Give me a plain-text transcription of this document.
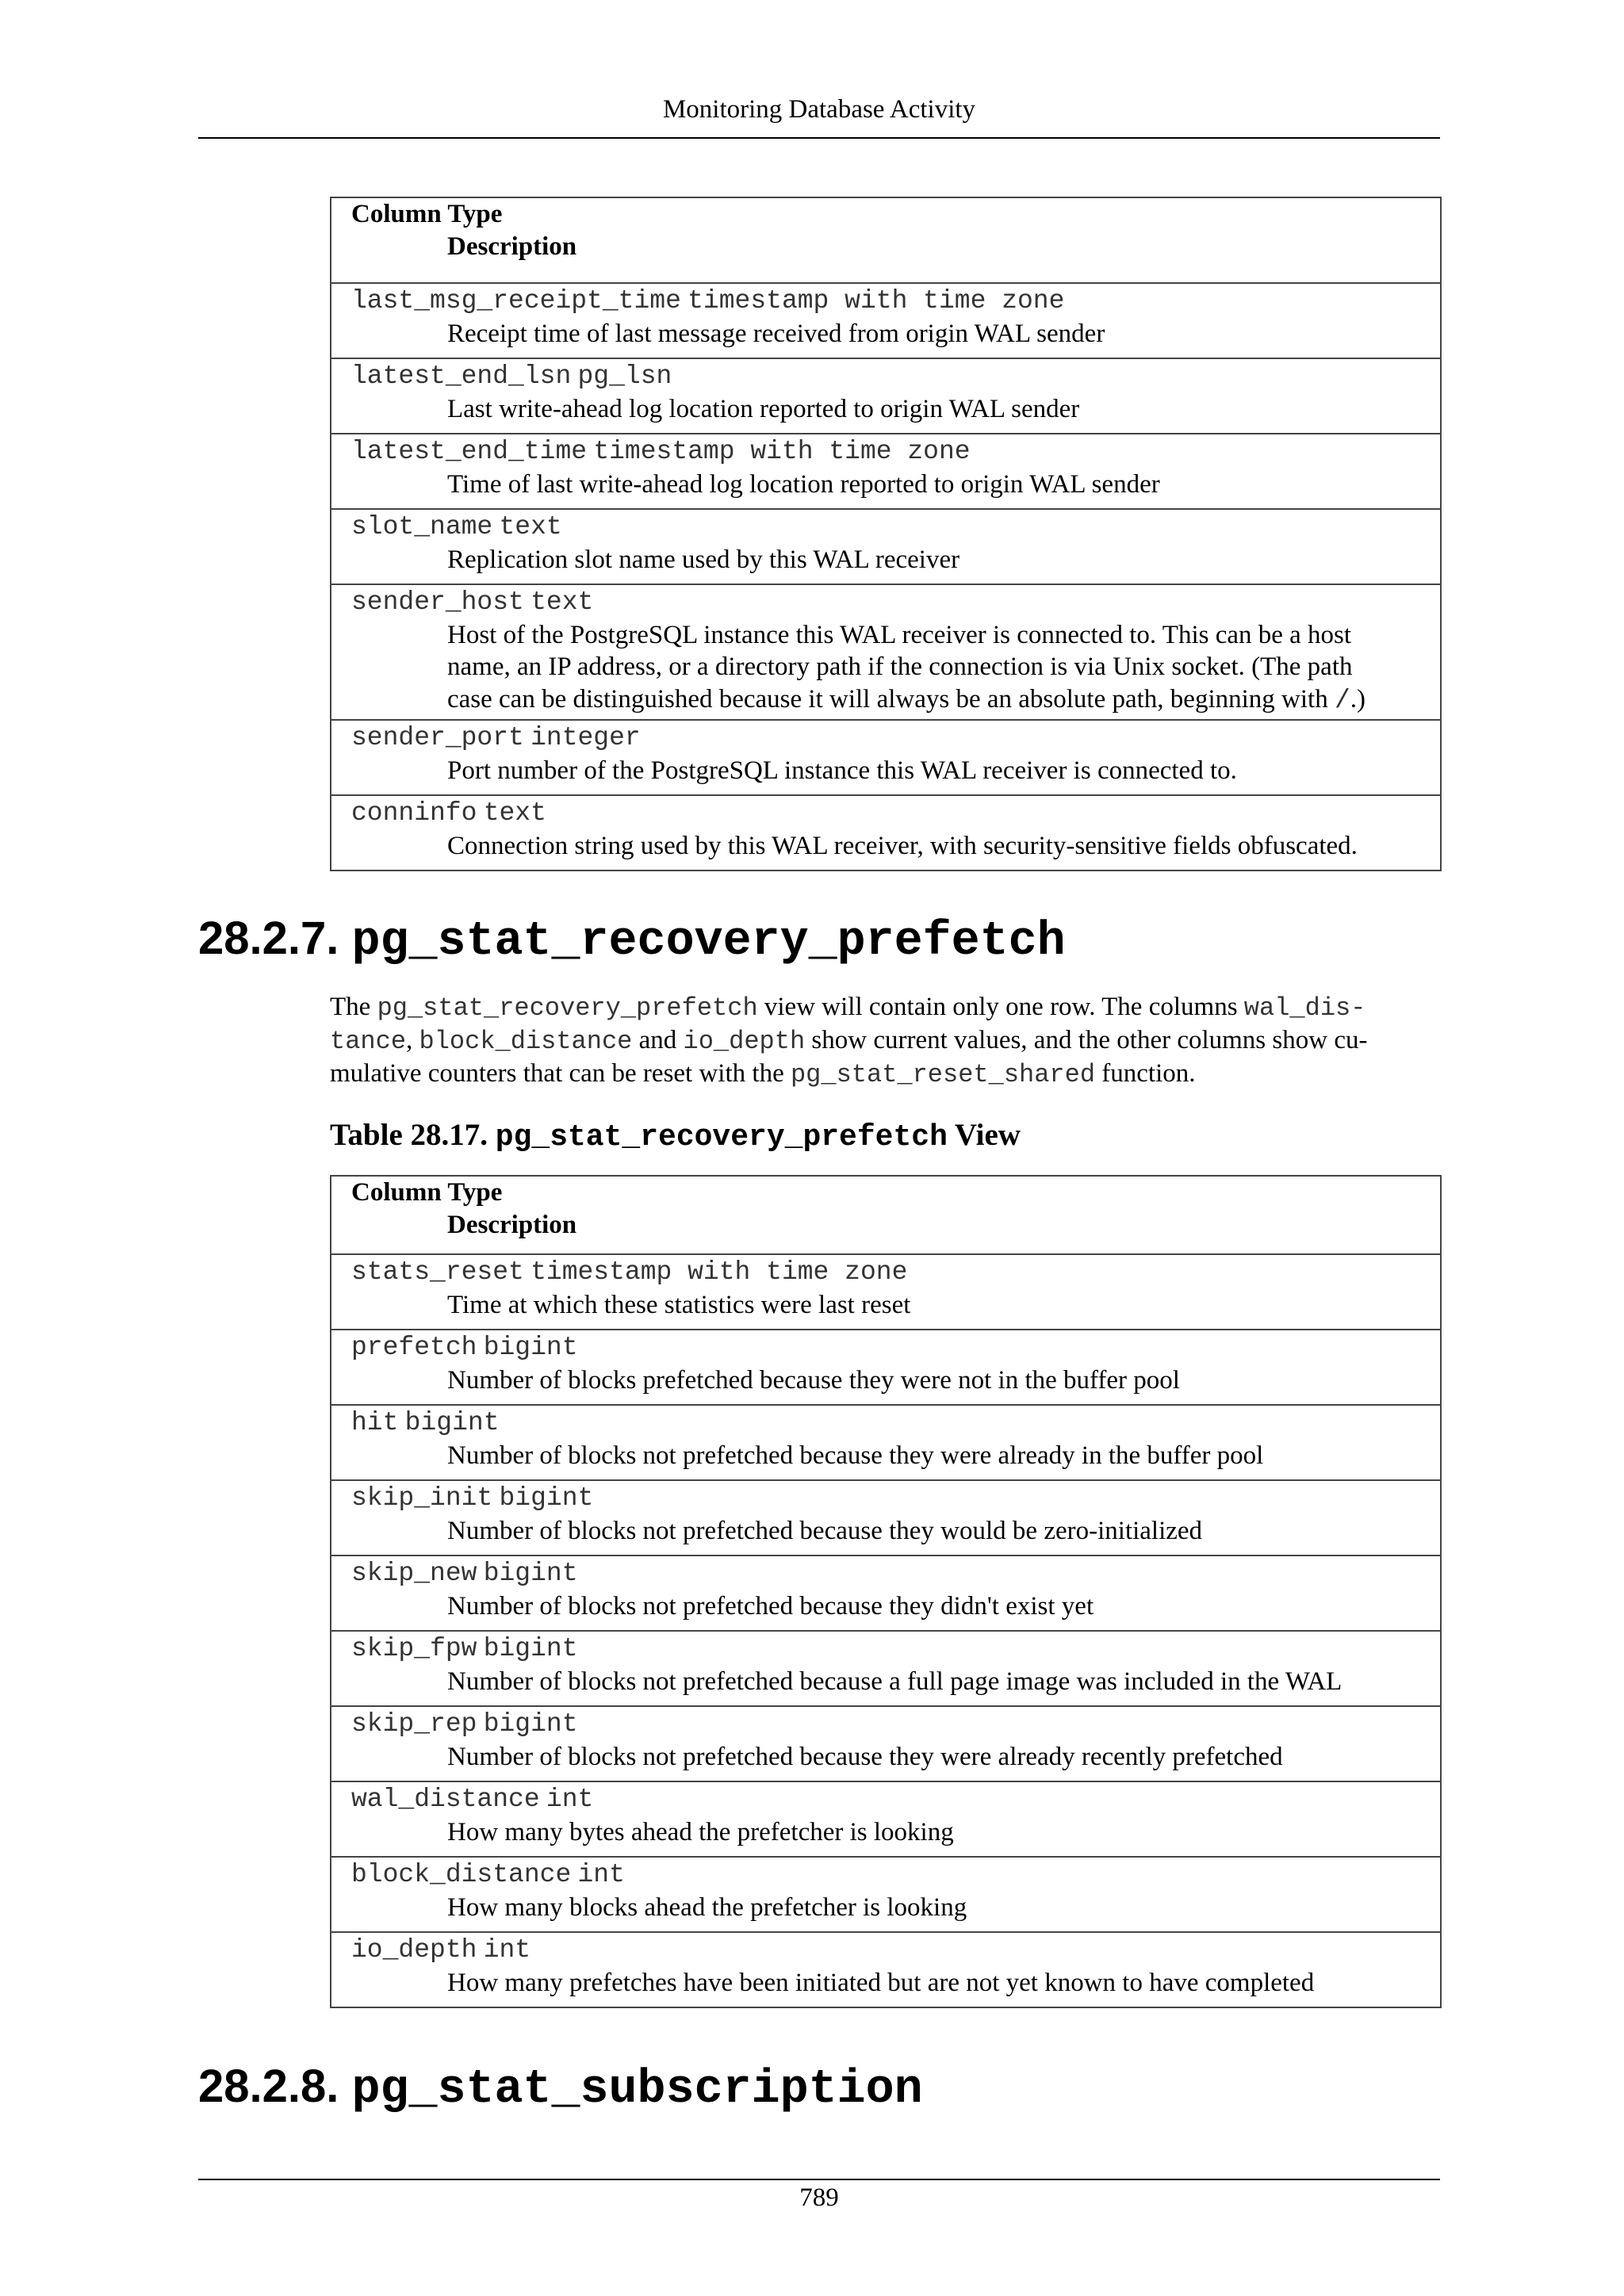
Monitoring Database Activity
Column Type
Description

last_msg_receipt_time timestamp with time zone
Receipt time of last message received from origin WAL sender

latest_end_lsn pg_lsn
Last write-ahead log location reported to origin WAL sender

latest_end_time timestamp with time zone
Time of last write-ahead log location reported to origin WAL sender

slot_name text
Replication slot name used by this WAL receiver

sender_host text
Host of the PostgreSQL instance this WAL receiver is connected to. This can be a host
name, an IP address, or a directory path if the connection is via Unix socket. (The path
case can be distinguished because it will always be an absolute path, beginning with /.)

sender_port integer
Port number of the PostgreSQL instance this WAL receiver is connected to.

conninfo text
Connection string used by this WAL receiver, with security-sensitive fields obfuscated.
28.2.7. pg_stat_recovery_prefetch
The pg_stat_recovery_prefetch view will contain only one row. The columns wal_dis-
tance, block_distance and io_depth show current values, and the other columns show cu-
mulative counters that can be reset with the pg_stat_reset_shared function.
Table 28.17. pg_stat_recovery_prefetch View
Column Type
Description

stats_reset timestamp with time zone
Time at which these statistics were last reset

prefetch bigint
Number of blocks prefetched because they were not in the buffer pool

hit bigint
Number of blocks not prefetched because they were already in the buffer pool

skip_init bigint
Number of blocks not prefetched because they would be zero-initialized

skip_new bigint
Number of blocks not prefetched because they didn't exist yet

skip_fpw bigint
Number of blocks not prefetched because a full page image was included in the WAL

skip_rep bigint
Number of blocks not prefetched because they were already recently prefetched

wal_distance int
How many bytes ahead the prefetcher is looking

block_distance int
How many blocks ahead the prefetcher is looking

io_depth int
How many prefetches have been initiated but are not yet known to have completed
28.2.8. pg_stat_subscription
789
